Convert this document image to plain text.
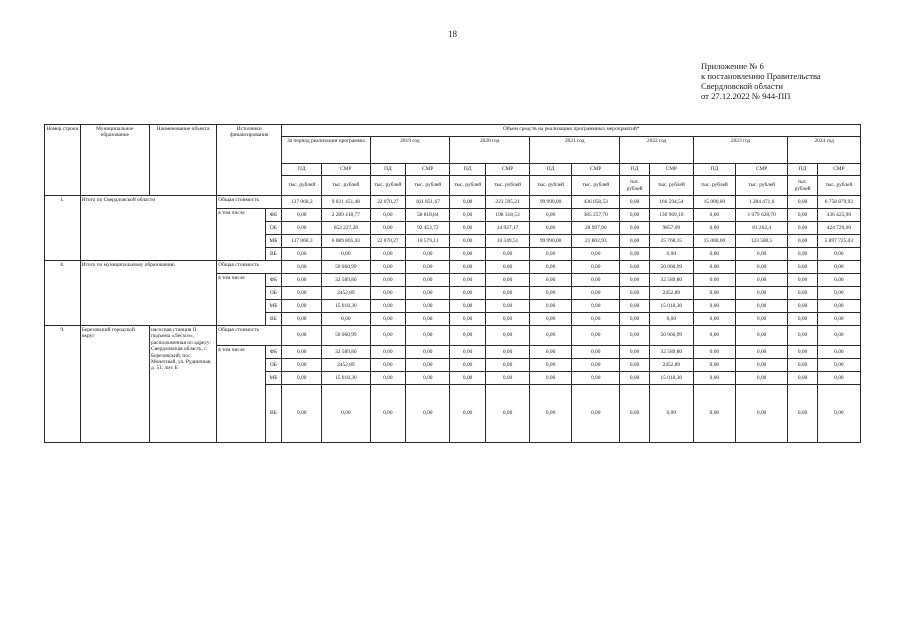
18
Приложение № 6
к постановлению Правительства
Свердловской области
от 27.12.2022 № 944-ПП
Номер строки	Муниципальное образование	Наименование объекта	Источники финансирования		Объем средств на реализацию программных мероприятий*													
					За период реализации программы		2019 год		2020 год		2021 год		2022 год		2023 год		2024 год	
					ПД	СМР	ПД	СМР	ПД	СМР	ПД	СМР	ПД	СМР	ПД	СМР	ПД	СМР
					тыс. рублей	тыс. рублей	тыс. рублей	тыс. рублей	тыс. рублей	тыс. рублей	тыс. рублей	тыс. рублей	тыс. рублей	тыс. рублей	тыс. рублей	тыс. рублей	тыс. рублей	тыс. рублей
1.	Итого по Свердловской области		Общая стоимость		137 060,3	9 031 451,48	22 070,27	161 851,67	0,00	223 595,21	99 990,00	436 058,53	0,00	166 594,54	15 000,00	1 284 471,6	0,00	6 758 879,93
			в том числе	ФБ	0,00	2 289 418,77	0,00	58 818,84	0,00	198 318,53	0,00	385 257,70	0,00	130 969,10	0,00	1 079 628,70	0,00	436 425,90
				ОБ	0,00	652 227,28	0,00	92 453,72	0,00	14 927,17	0,00	28 997,90	0,00	9857,09	0,00	81 262,4	0,00	424 729,00
				МБ	137 060,3	6 089 805,43	22 070,27	10 579,11	0,00	10 349,51	99 990,00	21 802,93	0,00	25 768,35	15 000,00	123 580,5	0,00	5 897 725,03
				ВБ	0,00	0,00	0,00	0,00	0,00	0,00	0,00	0,00	0,00	0,00	0,00	0,00	0,00	0,00
8.	Итого по муниципальному образованию		Общая стоимость		0,00	50 060,99	0,00	0,00	0,00	0,00	0,00	0,00	0,00	50 060,99	0,00	0,00	0,00	0,00
			в том числе	ФБ	0,00	32 589,80	0,00	0,00	0,00	0,00	0,00	0,00	0,00	32 589,80	0,00	0,00	0,00	0,00
				ОБ	0,00	2452,89	0,00	0,00	0,00	0,00	0,00	0,00	0,00	2452,89	0,00	0,00	0,00	0,00
				МБ	0,00	15 018,30	0,00	0,00	0,00	0,00	0,00	0,00	0,00	15 018,30	0,00	0,00	0,00	0,00
				ВБ	0,00	0,00	0,00	0,00	0,00	0,00	0,00	0,00	0,00	0,00	0,00	0,00	0,00	0,00
9.	Березовский городской округ	насосная станция II подъема «Лесхоз», расположенная по адресу: Свердловская область, г. Березовский, пос. Монетный, ул. Рудничная, д. 51, лит. Б	Общая стоимость		0,00	50 060,99	0,00	0,00	0,00	0,00	0,00	0,00	0,00	50 060,99	0,00	0,00	0,00	0,00
			в том числе	ФБ	0,00	32 589,80	0,00	0,00	0,00	0,00	0,00	0,00	0,00	32 589,80	0,00	0,00	0,00	0,00
				ОБ	0,00	2452,89	0,00	0,00	0,00	0,00	0,00	0,00	0,00	2452,89	0,00	0,00	0,00	0,00
				МБ	0,00	15 018,30	0,00	0,00	0,00	0,00	0,00	0,00	0,00	15 018,30	0,00	0,00	0,00	0,00
				ВБ	0,00	0,00	0,00	0,00	0,00	0,00	0,00	0,00	0,00	0,00	0,00	0,00	0,00	0,00
